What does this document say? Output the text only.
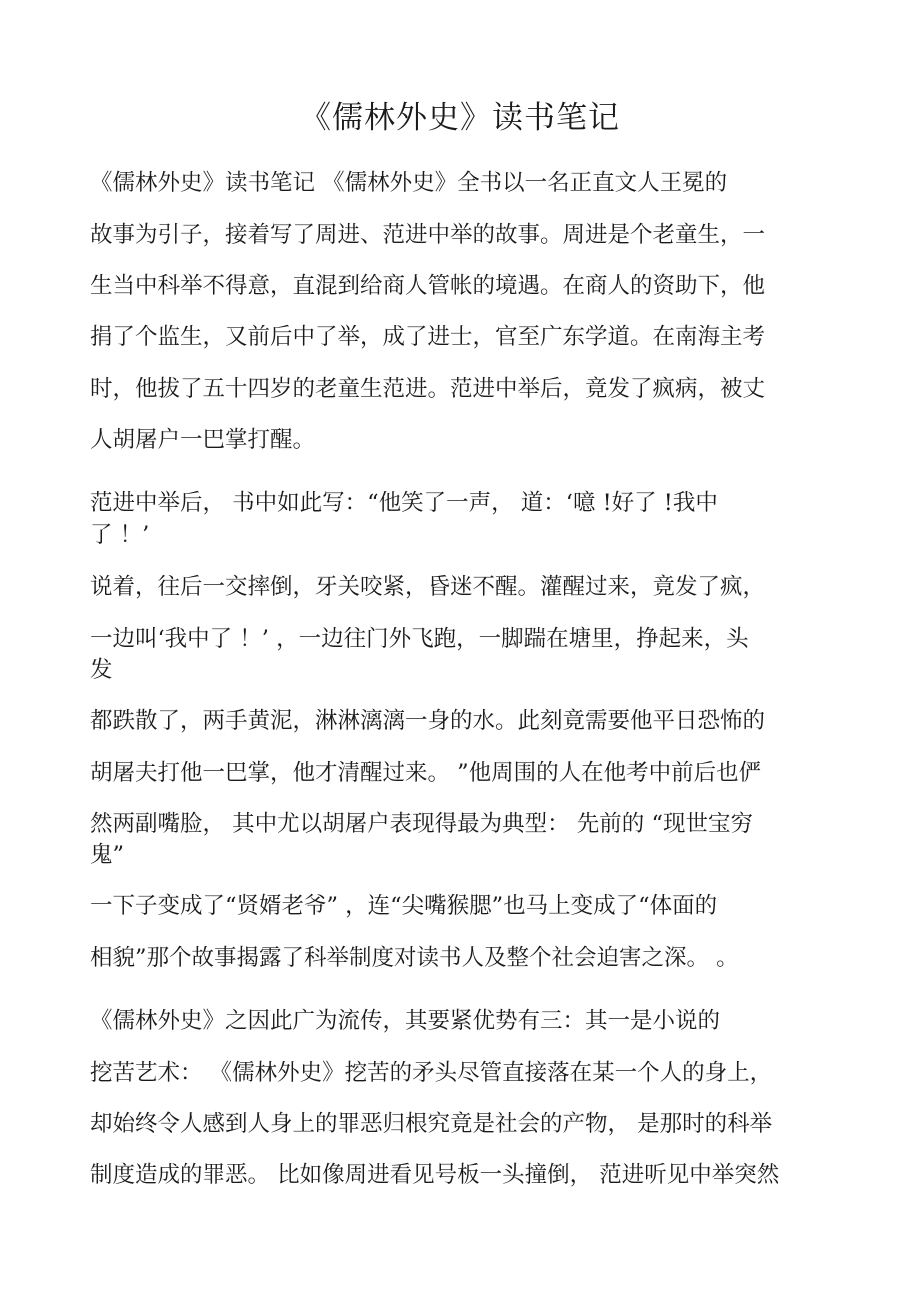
《儒林外史》读书笔记
《儒林外史》读书笔记 《儒林外史》全书以一名正直文人王冕的
故事为引子，接着写了周进、范进中举的故事。周进是个老童生，一
生当中科举不得意，直混到给商人管帐的境遇。在商人的资助下，他
捐了个监生，又前后中了举，成了进士，官至广东学道。在南海主考
时，他拔了五十四岁的老童生范进。范进中举后，竟发了疯病，被丈
人胡屠户一巴掌打醒。
范进中举后， 书中如此写：“他笑了一声， 道：‘噫 !好了 !我中
了 ！’
说着，往后一交摔倒，牙关咬紧，昏迷不醒。灌醒过来，竟发了疯，
一边叫‘我中了 ！’ ，一边往门外飞跑，一脚踹在塘里，挣起来，头
发
都跌散了，两手黄泥，淋淋漓漓一身的水。此刻竟需要他平日恐怖的
胡屠夫打他一巴掌，他才清醒过来。 ”他周围的人在他考中前后也俨
然两副嘴脸， 其中尤以胡屠户表现得最为典型： 先前的 “现世宝穷
鬼”
一下子变成了“贤婿老爷” ，连“尖嘴猴腮”也马上变成了“体面的
相貌”那个故事揭露了科举制度对读书人及整个社会迫害之深。 。
《儒林外史》之因此广为流传，其要紧优势有三：其一是小说的
挖苦艺术： 《儒林外史》挖苦的矛头尽管直接落在某一个人的身上，
却始终令人感到人身上的罪恶归根究竟是社会的产物， 是那时的科举
制度造成的罪恶。 比如像周进看见号板一头撞倒， 范进听见中举突然
